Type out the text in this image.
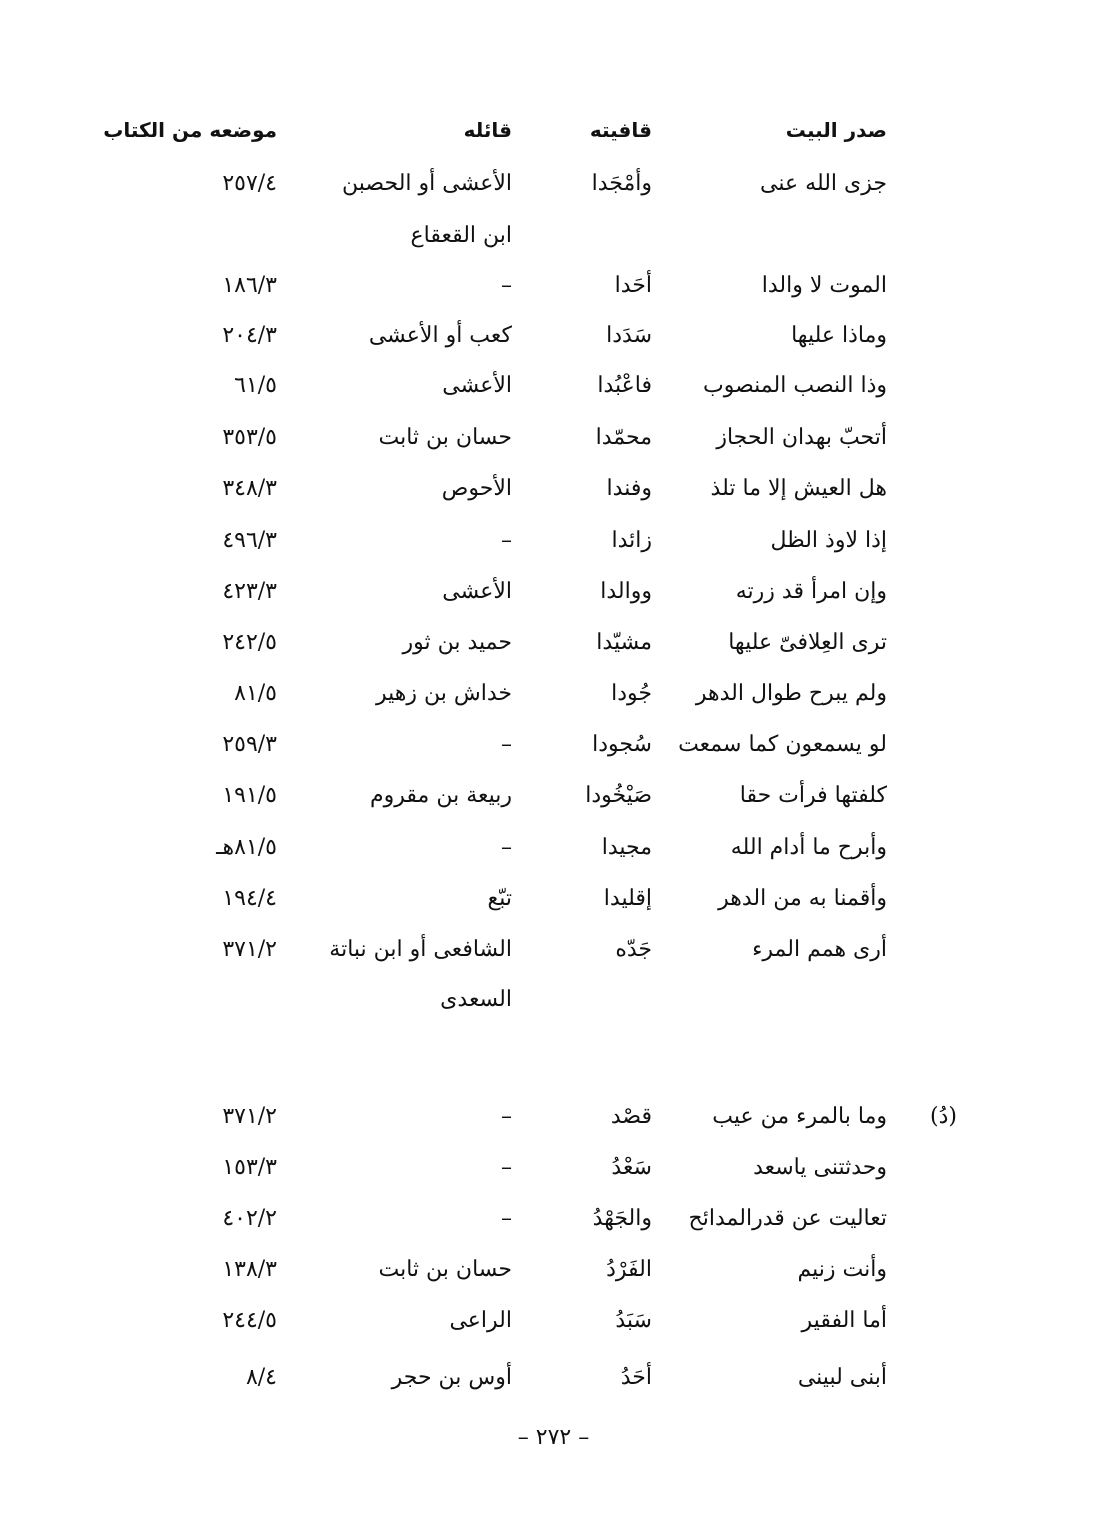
صدر البيت
قافيته
قائله
موضعه من الكتاب
جزى الله عنى
وأمْجَدا
الأعشى أو الحصبن
٢٥٧/٤
ابن القعقاع
الموت لا والدا
أحَدا
–
١٨٦/٣
وماذا عليها
سَدَدا
كعب أو الأعشى
٢٠٤/٣
وذا النصب المنصوب
فاعْبُدا
الأعشى
٦١/٥
أتحبّ بهدان الحجاز
محمّدا
حسان بن ثابت
٣٥٣/٥
هل العيش إلا ما تلذ
وفندا
الأحوص
٣٤٨/٣
إذا لاوذ الظل
زائدا
–
٤٩٦/٣
وإن امرأ قد زرته
ووالدا
الأعشى
٤٢٣/٣
ترى العِلافىّ عليها
مشيّدا
حميد بن ثور
٢٤٢/٥
ولم يبرح طوال الدهر
جُودا
خداش بن زهير
٨١/٥
لو يسمعون كما سمعت
سُجودا
–
٢٥٩/٣
كلفتها فرأت حقا
صَيْخُودا
ربيعة بن مقروم
١٩١/٥
وأبرح ما أدام الله
مجيدا
–
٨١/٥هـ
وأقمنا به من الدهر
إقليدا
تبّع
١٩٤/٤
أرى همم المرء
جَدّه
الشافعى أو ابن نباتة
٣٧١/٢
السعدى
(دُ)
وما بالمرء من عيب
قصْد
–
٣٧١/٢
وحدثتنى ياسعد
سَعْدُ
–
١٥٣/٣
تعاليت عن قدرالمدائح
والجَهْدُ
–
٤٠٢/٢
وأنت زنيم
الفَرْدُ
حسان بن ثابت
١٣٨/٣
أما الفقير
سَبَدُ
الراعى
٢٤٤/٥
أبنى لبينى
أحَدُ
أوس بن حجر
٨/٤
– ٢٧٢ –
